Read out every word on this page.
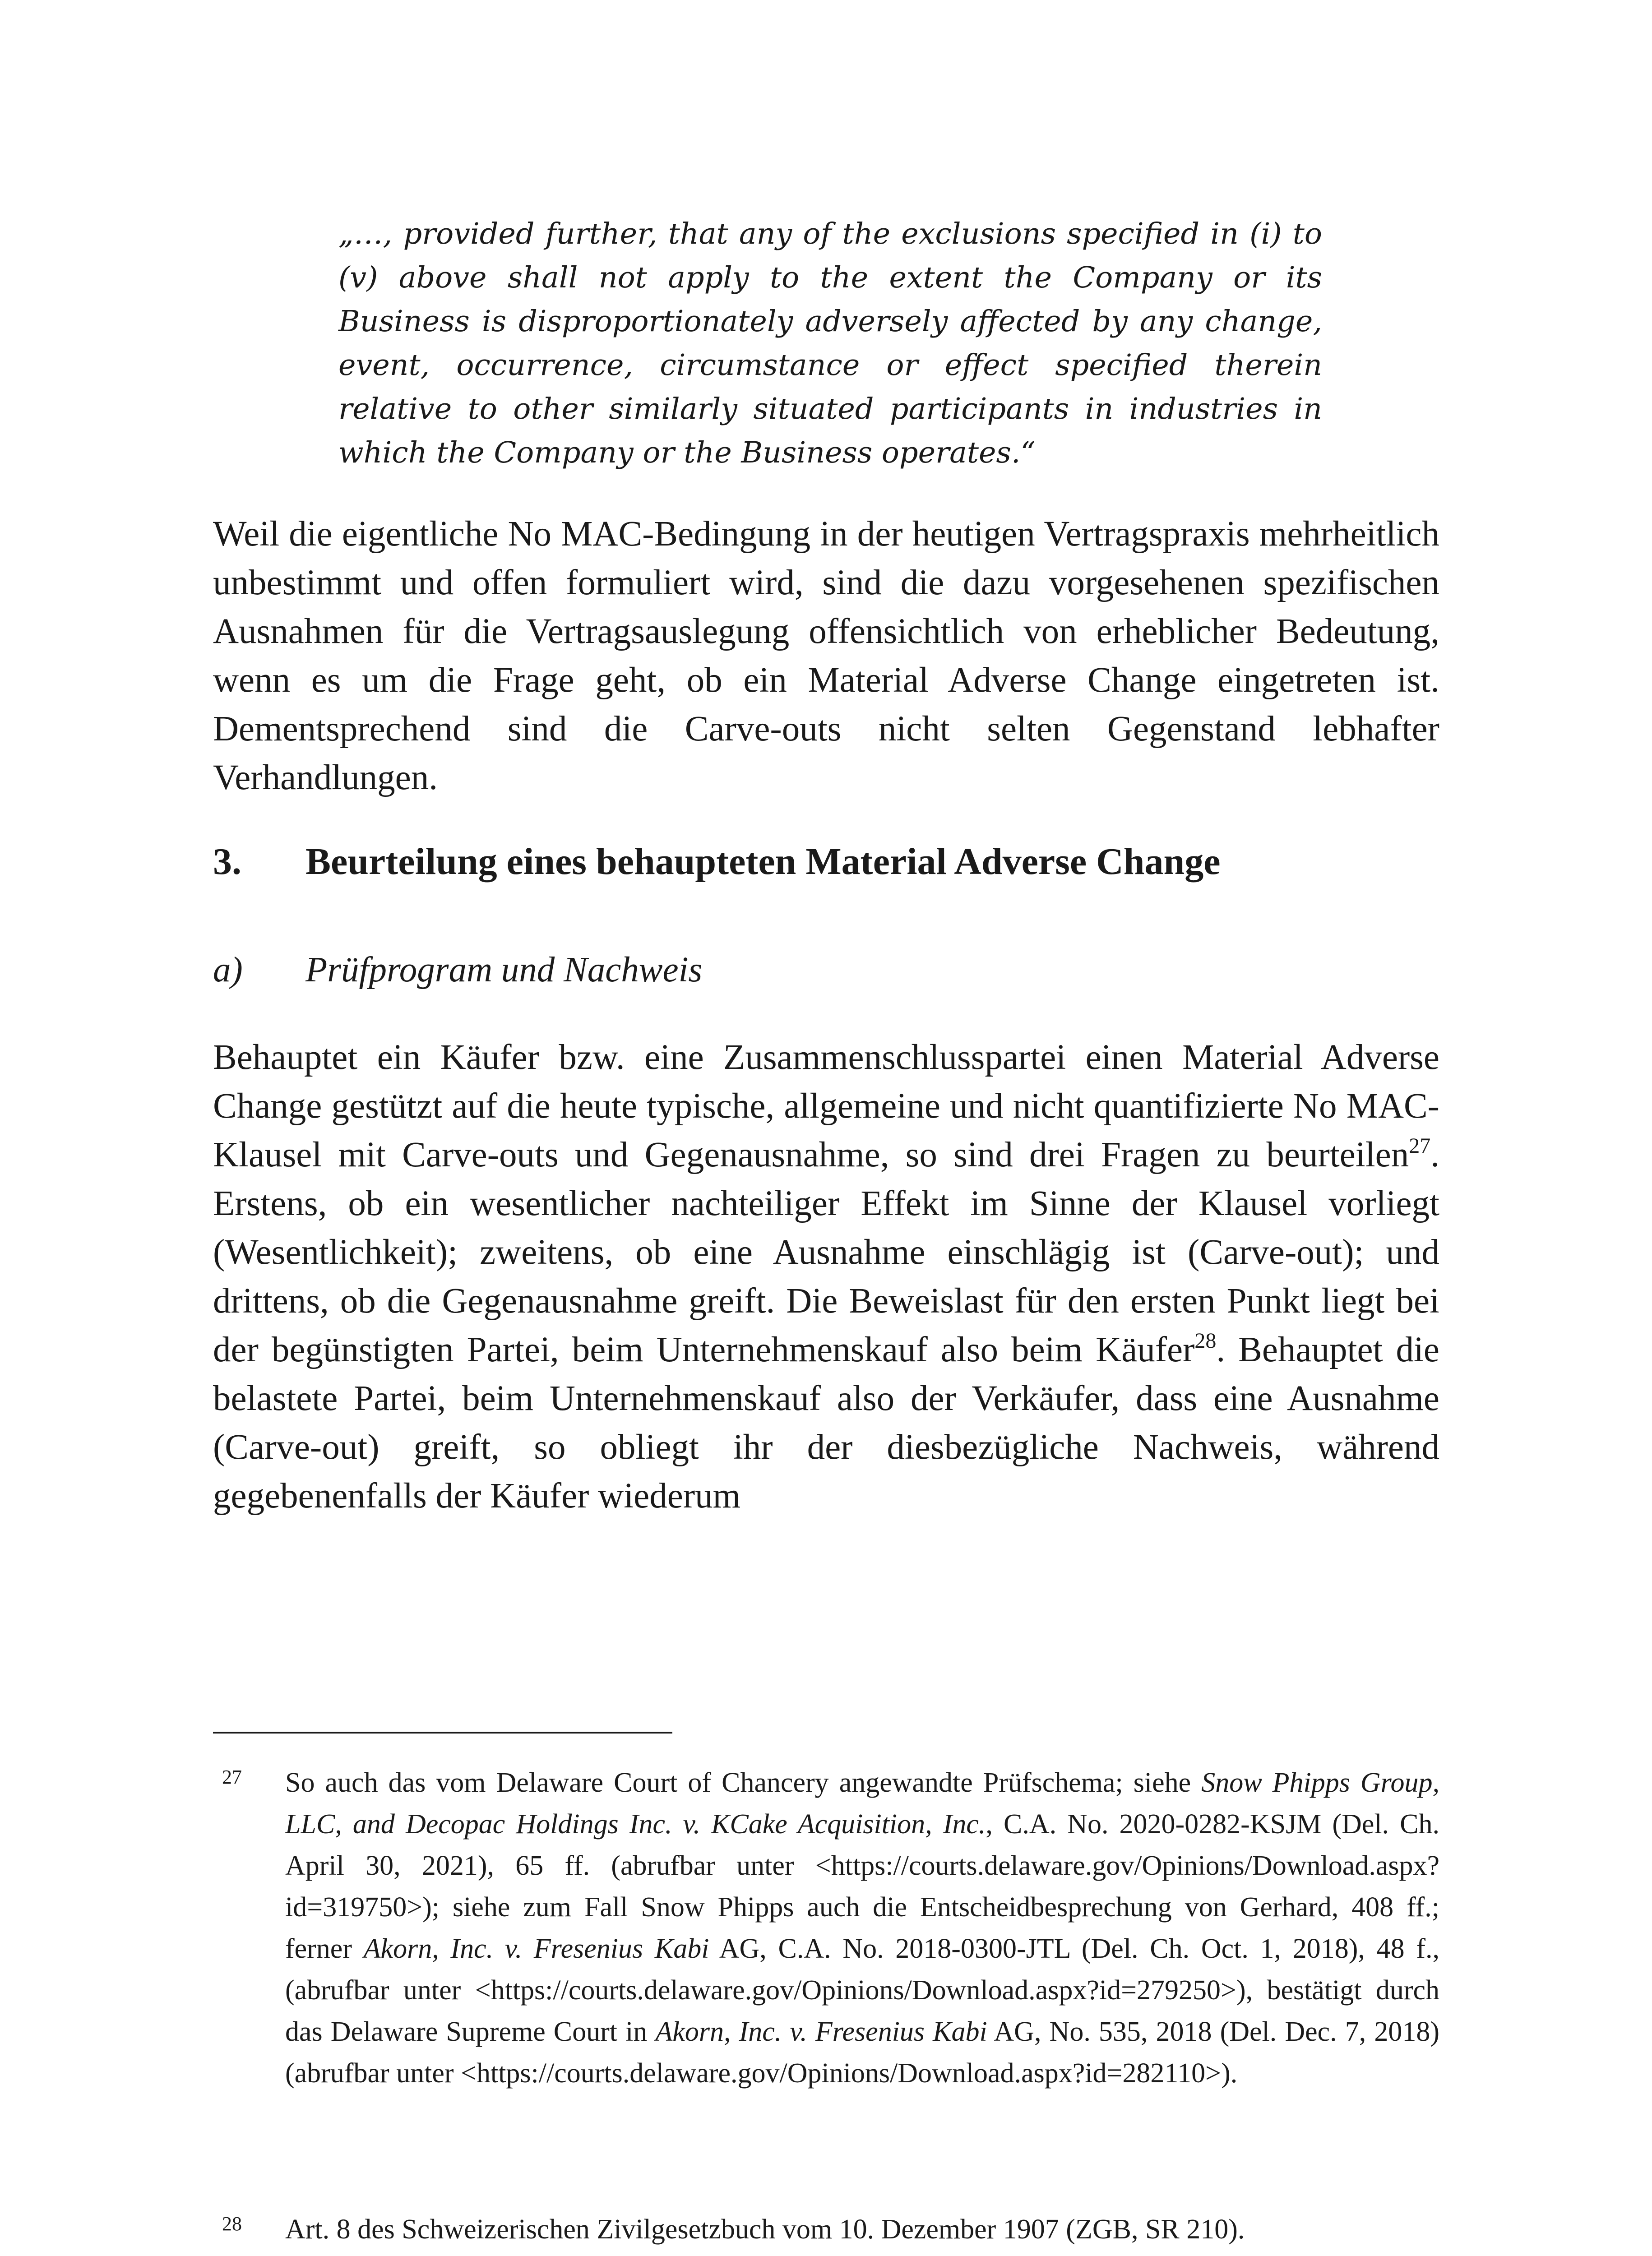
„…, provided further, that any of the exclusions specified in (i) to (v) above shall not apply to the extent the Company or its Business is disproportionately adversely affected by any change, event, occurrence, circumstance or effect specified therein relative to other similarly situated participants in industries in which the Company or the Business operates.“

Weil die eigentliche No MAC-Bedingung in der heutigen Vertragspraxis mehrheitlich unbestimmt und offen formuliert wird, sind die dazu vorgesehenen spezifischen Ausnahmen für die Vertragsauslegung offensichtlich von erheblicher Bedeutung, wenn es um die Frage geht, ob ein Material Adverse Change eingetreten ist. Dementsprechend sind die Carve-outs nicht selten Gegenstand lebhafter Verhandlungen.

3. Beurteilung eines behaupteten Material Adverse Change
a) Prüfprogram und Nachweis

Behauptet ein Käufer bzw. eine Zusammenschlusspartei einen Material Adverse Change gestützt auf die heute typische, allgemeine und nicht quantifizierte No MAC-Klausel mit Carve-outs und Gegenausnahme, so sind drei Fragen zu beurteilen$^{27}$. Erstens, ob ein wesentlicher nachteiliger Effekt im Sinne der Klausel vorliegt (Wesentlichkeit); zweitens, ob eine Ausnahme einschlägig ist (Carve-out); und drittens, ob die Gegenausnahme greift. Die Beweislast für den ersten Punkt liegt bei der begünstigten Partei, beim Unternehmenskauf also beim Käufer$^{28}$. Behauptet die belastete Partei, beim Unternehmenskauf also der Verkäufer, dass eine Ausnahme (Carve-out) greift, so obliegt ihr der diesbezügliche Nachweis, während gegebenenfalls der Käufer wiederum

27 So auch das vom Delaware Court of Chancery angewandte Prüfschema; siehe Snow Phipps Group, LLC, and Decopac Holdings Inc. v. KCake Acquisition, Inc., C.A. No. 2020-0282-KSJM (Del. Ch. April 30, 2021), 65 ff. (abrufbar unter <https://courts.delaware.gov/Opinions/Download.aspx?id=319750>); siehe zum Fall Snow Phipps auch die Entscheidbesprechung von Gerhard, 408 ff.; ferner Akorn, Inc. v. Fresenius Kabi AG, C.A. No. 2018-0300-JTL (Del. Ch. Oct. 1, 2018), 48 f., (abrufbar unter <https://courts.delaware.gov/Opinions/Download.aspx?id=279250>), bestätigt durch das Delaware Supreme Court in Akorn, Inc. v. Fresenius Kabi AG, No. 535, 2018 (Del. Dec. 7, 2018) (abrufbar unter <https://courts.delaware.gov/Opinions/Download.aspx?id=282110>).
28 Art. 8 des Schweizerischen Zivilgesetzbuch vom 10. Dezember 1907 (ZGB, SR 210).
